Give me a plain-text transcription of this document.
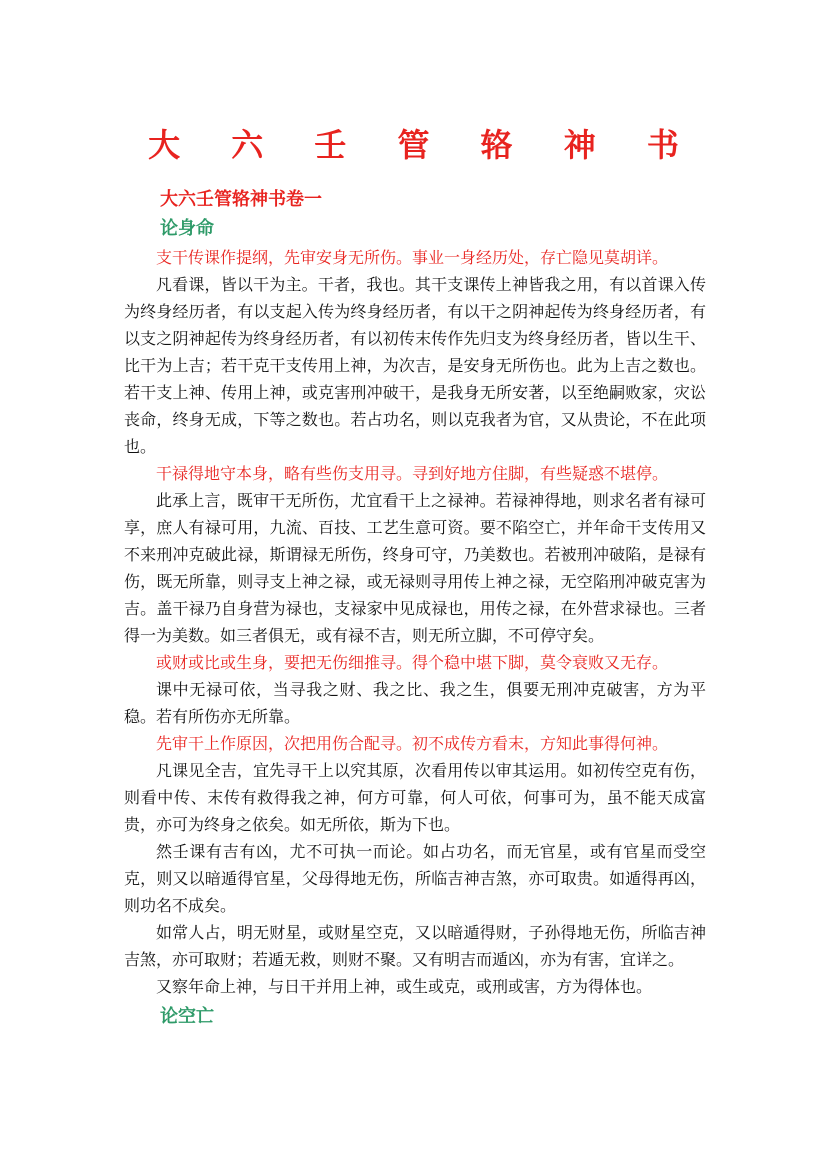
大 六 壬 管 辂 神 书
大六壬管辂神书卷一
论身命

支干传课作提纲，先审安身无所伤。事业一身经历处，存亡隐见莫胡详。

凡看课，皆以干为主。干者，我也。其干支课传上神皆我之用，有以首课入传为终身经历者，有以支起入传为终身经历者，有以干之阴神起传为终身经历者，有以支之阴神起传为终身经历者，有以初传末传作先归支为终身经历者，皆以生干、比干为上吉；若干克干支传用上神，为次吉，是安身无所伤也。此为上吉之数也。若干支上神、传用上神，或克害刑冲破干，是我身无所安著，以至绝嗣败家，灾讼丧命，终身无成，下等之数也。若占功名，则以克我者为官，又从贵论，不在此项也。

干禄得地守本身，略有些伤支用寻。寻到好地方住脚，有些疑惑不堪停。

此承上言，既审干无所伤，尤宜看干上之禄神。若禄神得地，则求名者有禄可享，庶人有禄可用，九流、百技、工艺生意可资。要不陷空亡，并年命干支传用又不来刑冲克破此禄，斯谓禄无所伤，终身可守，乃美数也。若被刑冲破陷，是禄有伤，既无所靠，则寻支上神之禄，或无禄则寻用传上神之禄，无空陷刑冲破克害为吉。盖干禄乃自身营为禄也，支禄家中见成禄也，用传之禄，在外营求禄也。三者得一为美数。如三者俱无，或有禄不吉，则无所立脚，不可停守矣。

或财或比或生身，要把无伤细推寻。得个稳中堪下脚，莫令衰败又无存。

课中无禄可依，当寻我之财、我之比、我之生，俱要无刑冲克破害，方为平稳。若有所伤亦无所靠。

先审干上作原因，次把用伤合配寻。初不成传方看末，方知此事得何神。

凡课见全吉，宜先寻干上以究其原，次看用传以审其运用。如初传空克有伤，则看中传、末传有救得我之神，何方可靠，何人可依，何事可为，虽不能天成富贵，亦可为终身之依矣。如无所依，斯为下也。

然壬课有吉有凶，尤不可执一而论。如占功名，而无官星，或有官星而受空克，则又以暗遁得官星，父母得地无伤，所临吉神吉煞，亦可取贵。如遁得再凶，则功名不成矣。

如常人占，明无财星，或财星空克，又以暗遁得财，子孙得地无伤，所临吉神吉煞，亦可取财；若遁无救，则财不聚。又有明吉而遁凶，亦为有害，宜详之。

又察年命上神，与日干并用上神，或生或克，或刑或害，方为得体也。

论空亡
